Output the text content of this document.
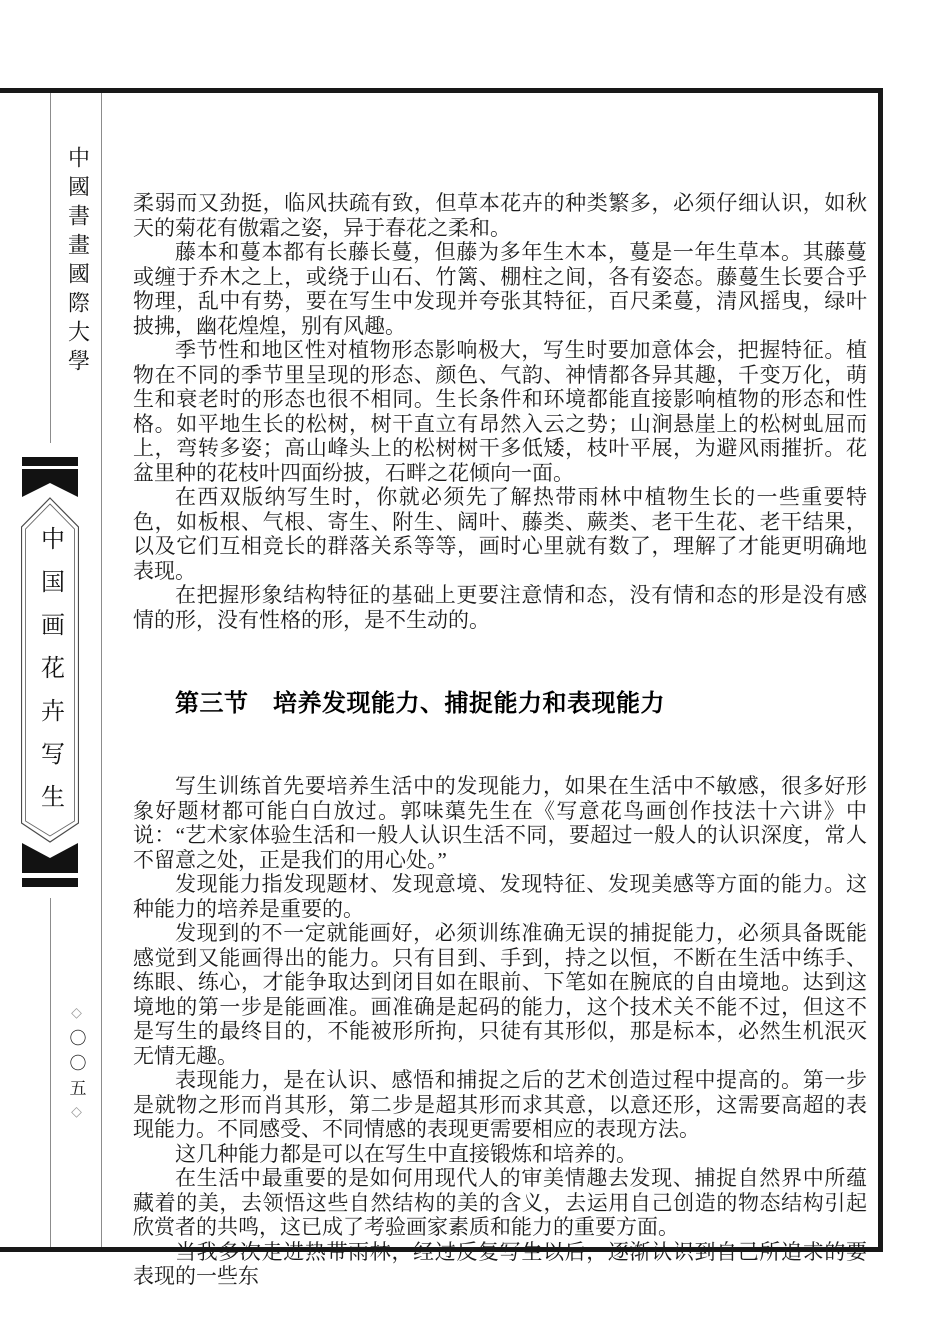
中國書畫國際大學
中国画花卉写生
◇〇〇五◇

柔弱而又劲挺，临风扶疏有致，但草本花卉的种类繁多，必须仔细认识，如秋天的菊花有傲霜之姿，异于春花之柔和。

藤本和蔓本都有长藤长蔓，但藤为多年生木本，蔓是一年生草本。其藤蔓或缠于乔木之上，或绕于山石、竹篱、棚柱之间，各有姿态。藤蔓生长要合乎物理，乱中有势，要在写生中发现并夸张其特征，百尺柔蔓，清风摇曳，绿叶披拂，幽花煌煌，别有风趣。

季节性和地区性对植物形态影响极大，写生时要加意体会，把握特征。植物在不同的季节里呈现的形态、颜色、气韵、神情都各异其趣，千变万化，萌生和衰老时的形态也很不相同。生长条件和环境都能直接影响植物的形态和性格。如平地生长的松树，树干直立有昂然入云之势；山涧悬崖上的松树虬屈而上，弯转多姿；高山峰头上的松树树干多低矮，枝叶平展，为避风雨摧折。花盆里种的花枝叶四面纷披，石畔之花倾向一面。

在西双版纳写生时，你就必须先了解热带雨林中植物生长的一些重要特色，如板根、气根、寄生、附生、阔叶、藤类、蕨类、老干生花、老干结果，以及它们互相竞长的群落关系等等，画时心里就有数了，理解了才能更明确地表现。

在把握形象结构特征的基础上更要注意情和态，没有情和态的形是没有感情的形，没有性格的形，是不生动的。

第三节　培养发现能力、捕捉能力和表现能力

写生训练首先要培养生活中的发现能力，如果在生活中不敏感，很多好形象好题材都可能白白放过。郭味蕖先生在《写意花鸟画创作技法十六讲》中说：“艺术家体验生活和一般人认识生活不同，要超过一般人的认识深度，常人不留意之处，正是我们的用心处。”

发现能力指发现题材、发现意境、发现特征、发现美感等方面的能力。这种能力的培养是重要的。

发现到的不一定就能画好，必须训练准确无误的捕捉能力，必须具备既能感觉到又能画得出的能力。只有目到、手到，持之以恒，不断在生活中练手、练眼、练心，才能争取达到闭目如在眼前、下笔如在腕底的自由境地。达到这境地的第一步是能画准。画准确是起码的能力，这个技术关不能不过，但这不是写生的最终目的，不能被形所拘，只徒有其形似，那是标本，必然生机泯灭无情无趣。

表现能力，是在认识、感悟和捕捉之后的艺术创造过程中提高的。第一步是就物之形而肖其形，第二步是超其形而求其意，以意还形，这需要高超的表现能力。不同感受、不同情感的表现更需要相应的表现方法。

这几种能力都是可以在写生中直接锻炼和培养的。

在生活中最重要的是如何用现代人的审美情趣去发现、捕捉自然界中所蕴藏着的美，去领悟这些自然结构的美的含义，去运用自己创造的物态结构引起欣赏者的共鸣，这已成了考验画家素质和能力的重要方面。

当我多次走进热带雨林，经过反复写生以后，逐渐认识到自己所追求的要表现的一些东
